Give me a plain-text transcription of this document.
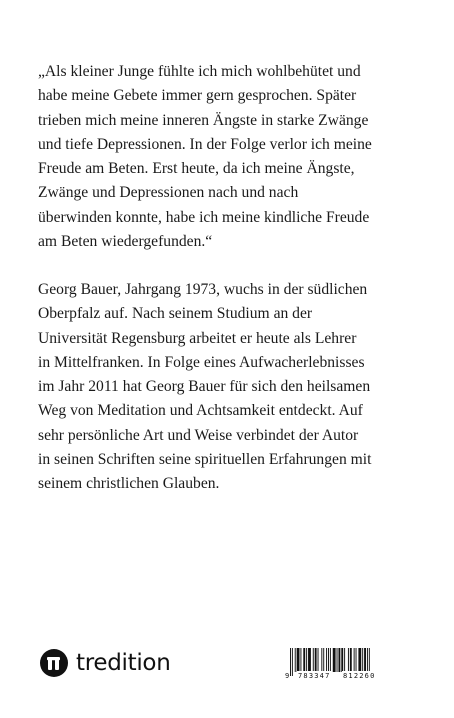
„Als kleiner Junge fühlte ich mich wohlbehütet und
habe meine Gebete immer gern gesprochen. Später
trieben mich meine inneren Ängste in starke Zwänge
und tiefe Depressionen. In der Folge verlor ich meine
Freude am Beten. Erst heute, da ich meine Ängste,
Zwänge und Depressionen nach und nach
überwinden konnte, habe ich meine kindliche Freude
am Beten wiedergefunden.“
Georg Bauer, Jahrgang 1973, wuchs in der südlichen
Oberpfalz auf. Nach seinem Studium an der
Universität Regensburg arbeitet er heute als Lehrer
in Mittelfranken. In Folge eines Aufwacherlebnisses
im Jahr 2011 hat Georg Bauer für sich den heilsamen
Weg von Meditation und Achtsamkeit entdeckt. Auf
sehr persönliche Art und Weise verbindet der Autor
in seinen Schriften seine spirituellen Erfahrungen mit
seinem christlichen Glauben.
tredition	9 783347 812260
